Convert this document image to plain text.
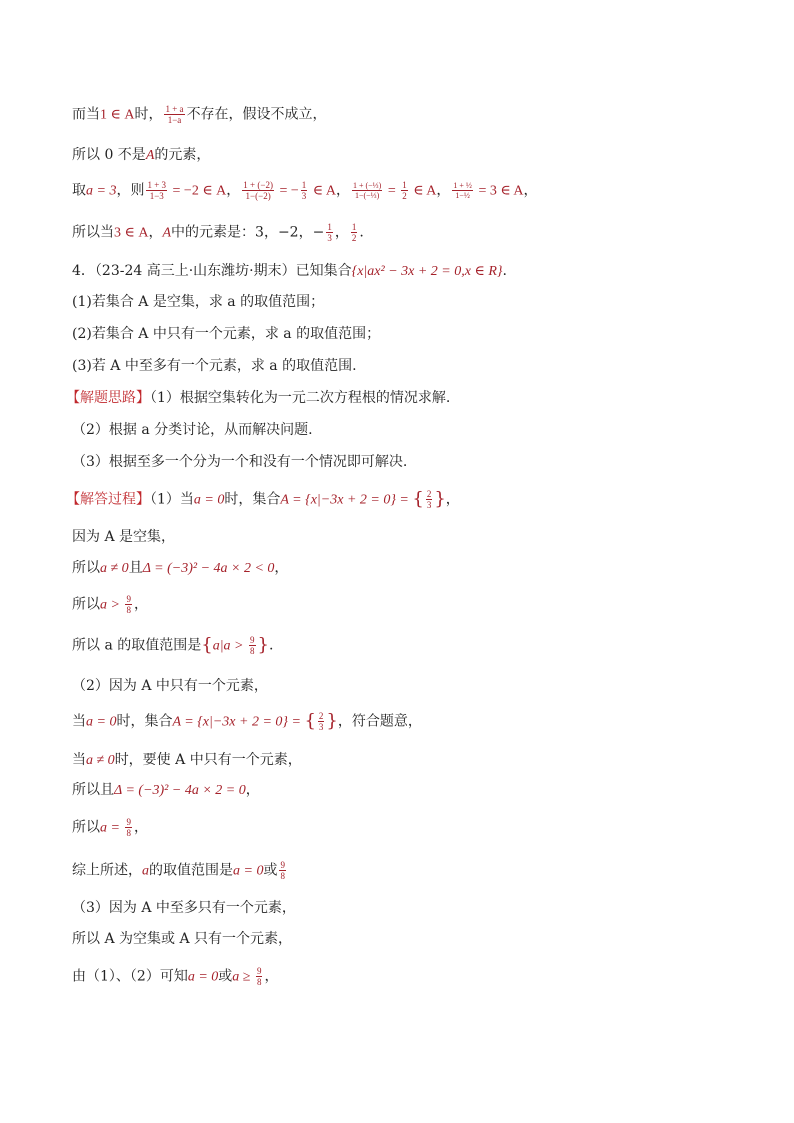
而当1 ∈ A时， $\frac{1 + a}{1-a}$ 不存在，假设不成立，
所以 0 不是A的元素，
取a = 3，则 $\frac{1 + 3}{1-3} = -2$ ∈ A， $\frac{1 + (-2)}{1-(-2)}$ = − $\frac{1}{3}$ ∈ A， $\frac{\text{1 + (−⅓)}}{\text{1−(−⅓)}} = \frac{1}{2}$ ∈ A， $\frac{\text{1 + ½}}{\text{1−½}} = 3$ ∈ A，
所以当3 ∈ A，A中的元素是：3，−2，− $\frac{1}{3}$ ， $\frac{1}{2}$ .
4．（23-24 高三上·山东潍坊·期末）已知集合{x|ax² − 3x + 2 = 0,x ∈ R}.
(1)若集合 A 是空集，求 a 的取值范围；
(2)若集合 A 中只有一个元素，求 a 的取值范围；
(3)若 A 中至多有一个元素，求 a 的取值范围.
【解题思路】（1）根据空集转化为一元二次方程根的情况求解.
（2）根据 a 分类讨论，从而解决问题.
（3）根据至多一个分为一个和没有一个情况即可解决.
【解答过程】（1）当a = 0时，集合A = {x|−3x + 2 = 0} = { $\frac{2}{3}$ }，
因为 A 是空集，
所以a ≠ 0且Δ = (−3)² − 4a × 2 < 0，
所以$a > \frac{9}{8}$ ，
所以 a 的取值范围是{$a|a > \frac{9}{8}$ }.
（2）因为 A 中只有一个元素，
当a = 0时，集合A = {x|−3x + 2 = 0} = { $\frac{2}{3}$ }，符合题意，
当a ≠ 0时，要使 A 中只有一个元素，
所以且Δ = (−3)² − 4a × 2 = 0，
所以$a = \frac{9}{8}$ ，
综上所述，a的取值范围是a = 0或 $\frac{9}{8}$
（3）因为 A 中至多只有一个元素，
所以 A 为空集或 A 只有一个元素，
由（1）、（2）可知a = 0或$a \ge \frac{9}{8}$ ，
